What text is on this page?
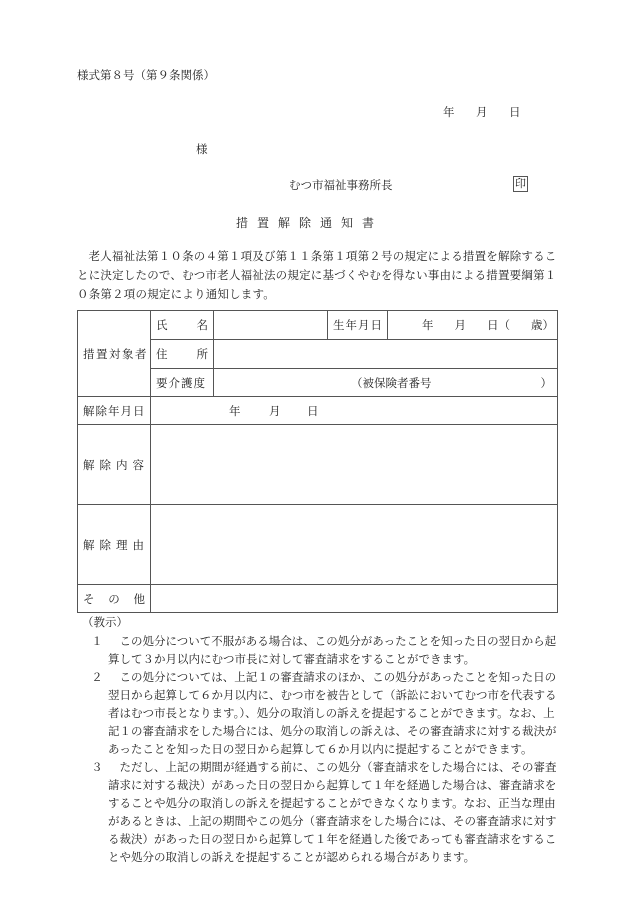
様式第８号（第９条関係）
年 月 日
様
むつ市福祉事務所長	印
措置解除通知書
老人福祉法第１０条の４第１項及び第１１条第１項第２号の規定による措置を解除することに決定したので、むつ市老人福祉法の規定に基づくやむを得ない事由による措置要綱第１０条第２項の規定により通知します。
措置対象者	氏 名		生年月日	年 月 日（ 歳）

	住 所			

	要介護度	（被保険者番号 ）		

解除年月日	年 月 日			
解除内容				
解除理由				

そ の 他				

（教示）
１	この処分について不服がある場合は、この処分があったことを知った日の翌日から起算して３か月以内にむつ市長に対して審査請求をすることができます。
２	この処分については、上記１の審査請求のほか、この処分があったことを知った日の翌日から起算して６か月以内に、むつ市を被告として（訴訟においてむつ市を代表する者はむつ市長となります。）、処分の取消しの訴えを提起することができます。なお、上記１の審査請求をした場合には、処分の取消しの訴えは、その審査請求に対する裁決があったことを知った日の翌日から起算して６か月以内に提起することができます。
３	ただし、上記の期間が経過する前に、この処分（審査請求をした場合には、その審査請求に対する裁決）があった日の翌日から起算して１年を経過した場合は、審査請求をすることや処分の取消しの訴えを提起することができなくなります。なお、正当な理由があるときは、上記の期間やこの処分（審査請求をした場合には、その審査請求に対する裁決）があった日の翌日から起算して１年を経過した後であっても審査請求をすることや処分の取消しの訴えを提起することが認められる場合があります。
